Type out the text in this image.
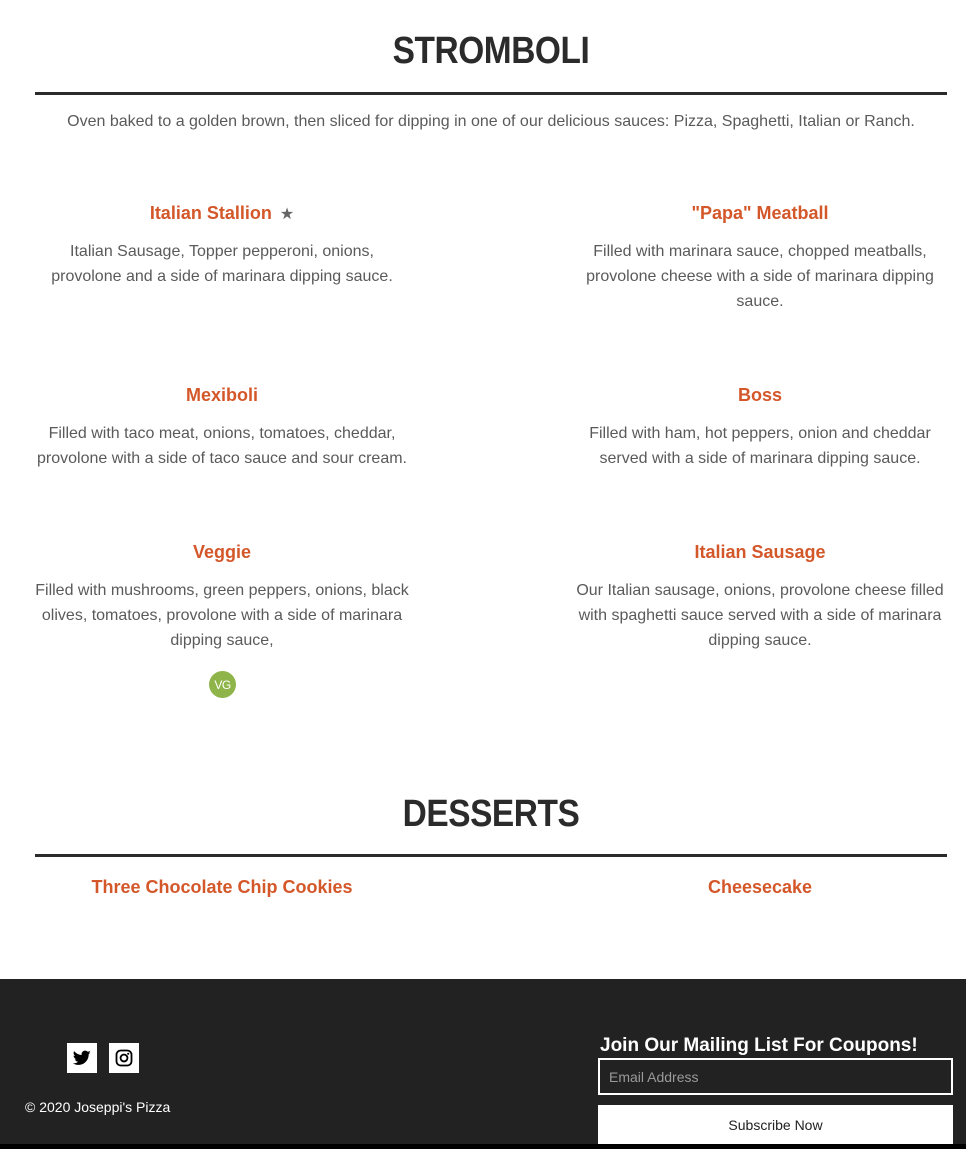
STROMBOLI
Oven baked to a golden brown, then sliced for dipping in one of our delicious sauces: Pizza, Spaghetti, Italian or Ranch.
Italian Stallion ★
Italian Sausage, Topper pepperoni, onions,
provolone and a side of marinara dipping sauce.
"Papa" Meatball
Filled with marinara sauce, chopped meatballs,
provolone cheese with a side of marinara dipping
sauce.
Mexiboli
Filled with taco meat, onions, tomatoes, cheddar,
provolone with a side of taco sauce and sour cream.
Boss
Filled with ham, hot peppers, onion and cheddar
served with a side of marinara dipping sauce.
Veggie
Filled with mushrooms, green peppers, onions, black
olives, tomatoes, provolone with a side of marinara
dipping sauce,
VG
Italian Sausage
Our Italian sausage, onions, provolone cheese filled
with spaghetti sauce served with a side of marinara
dipping sauce.
DESSERTS
Three Chocolate Chip Cookies	Cheesecake
© 2020 Joseppi's Pizza
Join Our Mailing List For Coupons!
Email Address
Subscribe Now
